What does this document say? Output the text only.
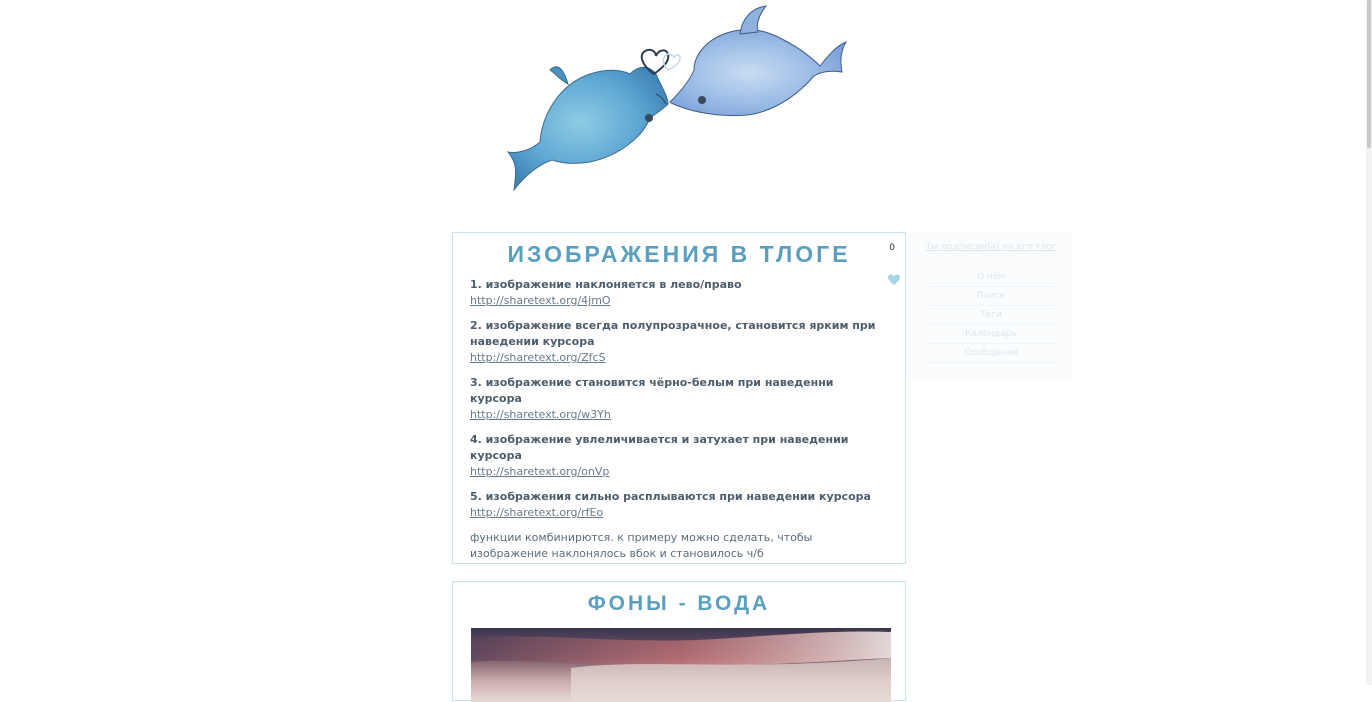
ИЗОБРАЖЕНИЯ В ТЛОГЕ	0
1. изображение наклоняется в лево/право
http://sharetext.org/4jmO
2. изображение всегда полупрозрачное, становится ярким при наведении курсора
http://sharetext.org/ZfcS
3. изображение становится чёрно-белым при наведенни курсора
http://sharetext.org/w3Yh
4. изображение увлеличивается и затухает при наведении курсора
http://sharetext.org/onVp
5. изображения сильно расплываются при наведении курсора
http://sharetext.org/rfEo
функции комбинирются. к примеру можно сделать, чтобы изображение наклонялось вбок и становилось ч/б
ФОНЫ - ВОДА
Ты подписан(а) на его тлог
О нём
Поиск
Теги
Календарь
Сообщения
